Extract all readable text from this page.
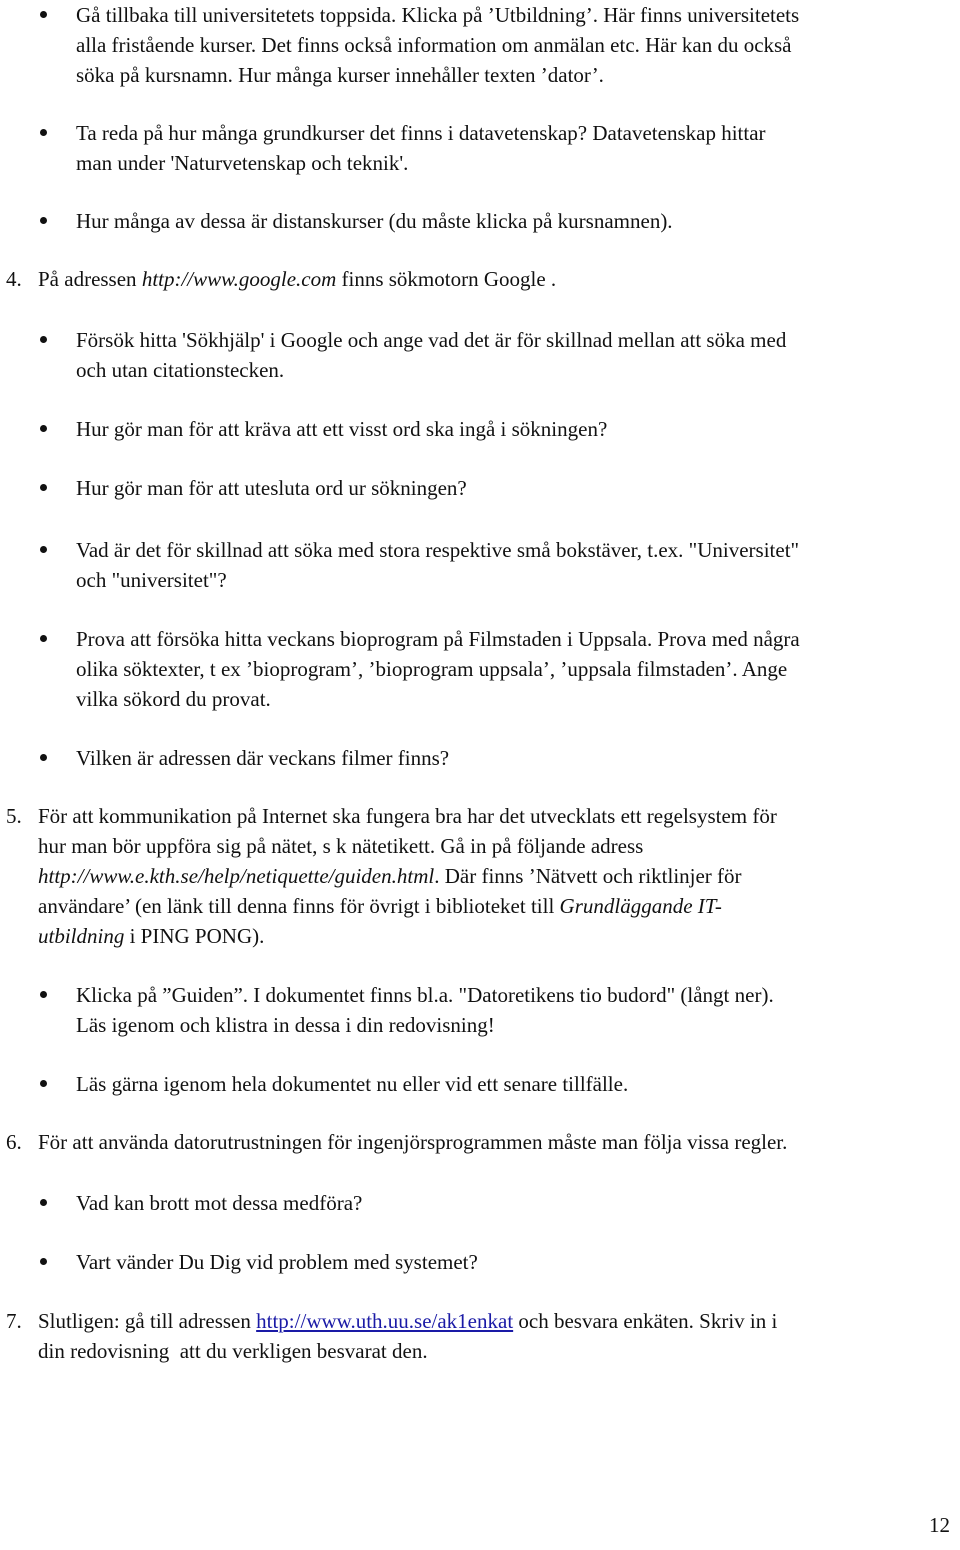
Gå tillbaka till universitetets toppsida. Klicka på ’Utbildning’. Här finns universitetets
alla fristående kurser. Det finns också information om anmälan etc. Här kan du också
söka på kursnamn. Hur många kurser innehåller texten ’dator’.
Ta reda på hur många grundkurser det finns i datavetenskap? Datavetenskap hittar
man under 'Naturvetenskap och teknik'.
Hur många av dessa är distanskurser (du måste klicka på kursnamnen).
4. På adressen http://www.google.com finns sökmotorn Google .
Försök hitta 'Sökhjälp' i Google och ange vad det är för skillnad mellan att söka med
och utan citationstecken.
Hur gör man för att kräva att ett visst ord ska ingå i sökningen?
Hur gör man för att utesluta ord ur sökningen?
Vad är det för skillnad att söka med stora respektive små bokstäver, t.ex. "Universitet"
och "universitet"?
Prova att försöka hitta veckans bioprogram på Filmstaden i Uppsala. Prova med några
olika söktexter, t ex ’bioprogram’, ’bioprogram uppsala’, ’uppsala filmstaden’. Ange
vilka sökord du provat.
Vilken är adressen där veckans filmer finns?
5. För att kommunikation på Internet ska fungera bra har det utvecklats ett regelsystem för
hur man bör uppföra sig på nätet, s k nätetikett. Gå in på följande adress
http://www.e.kth.se/help/netiquette/guiden.html. Där finns ’Nätvett och riktlinjer för
användare’ (en länk till denna finns för övrigt i biblioteket till Grundläggande IT-
utbildning i PING PONG).
Klicka på ”Guiden”. I dokumentet finns bl.a. "Datoretikens tio budord" (långt ner).
Läs igenom och klistra in dessa i din redovisning!
Läs gärna igenom hela dokumentet nu eller vid ett senare tillfälle.
6. För att använda datorutrustningen för ingenjörsprogrammen måste man följa vissa regler.
Vad kan brott mot dessa medföra?
Vart vänder Du Dig vid problem med systemet?
7. Slutligen: gå till adressen http://www.uth.uu.se/ak1enkat och besvara enkäten. Skriv in i
din redovisning  att du verkligen besvarat den.
12
